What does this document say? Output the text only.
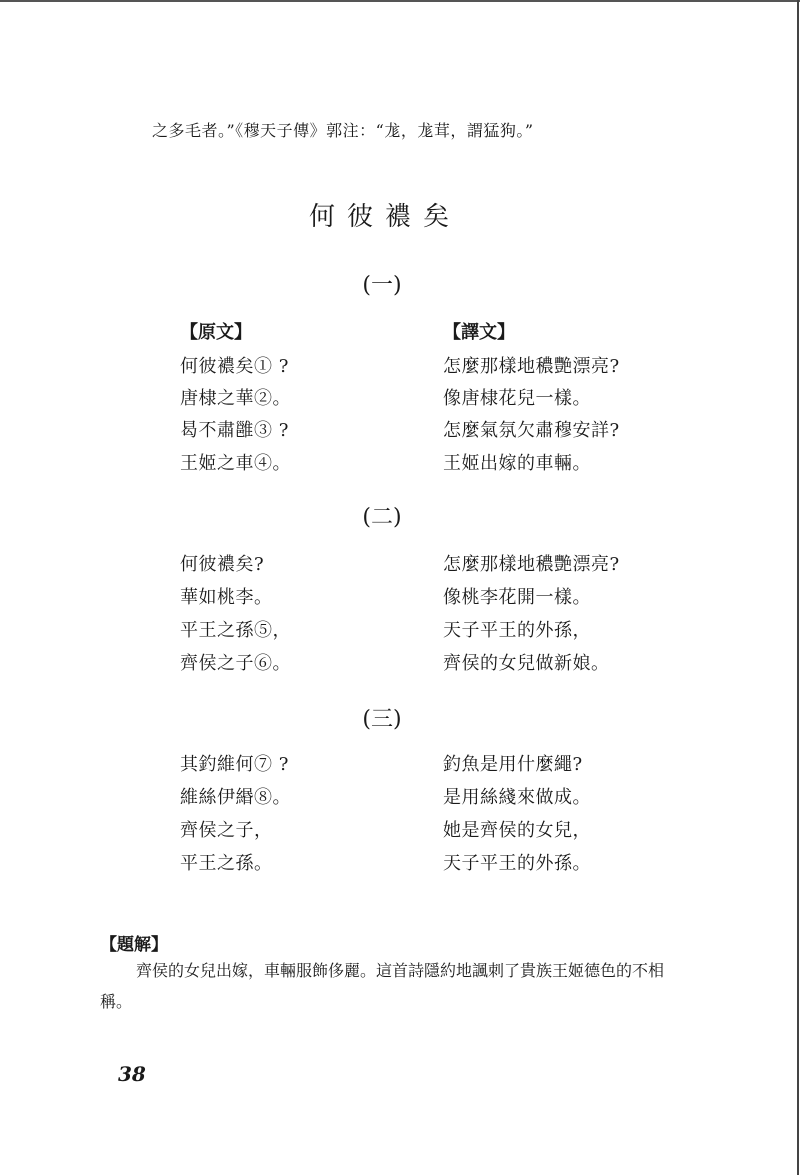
之多毛者。”《穆天子傳》郭注：“尨，尨茸，謂猛狗。”
何彼襛矣
(一)
【原文】	【譯文】
何彼襛矣① ?
唐棣之華②。
曷不肅雝③ ?
王姬之車④。
怎麼那樣地穠艷漂亮?
像唐棣花兒一樣。
怎麼氣氛欠肅穆安詳?
王姬出嫁的車輛。
(二)
何彼襛矣?
華如桃李。
平王之孫⑤，
齊侯之子⑥。
怎麼那樣地穠艷漂亮?
像桃李花開一樣。
天子平王的外孫，
齊侯的女兒做新娘。
(三)
其釣維何⑦ ?
維絲伊緡⑧。
齊侯之子，
平王之孫。
釣魚是用什麼繩?
是用絲綫來做成。
她是齊侯的女兒，
天子平王的外孫。
【題解】
齊侯的女兒出嫁，車輛服飾侈麗。這首詩隱約地諷刺了貴族王姬德色的不相稱。
38
